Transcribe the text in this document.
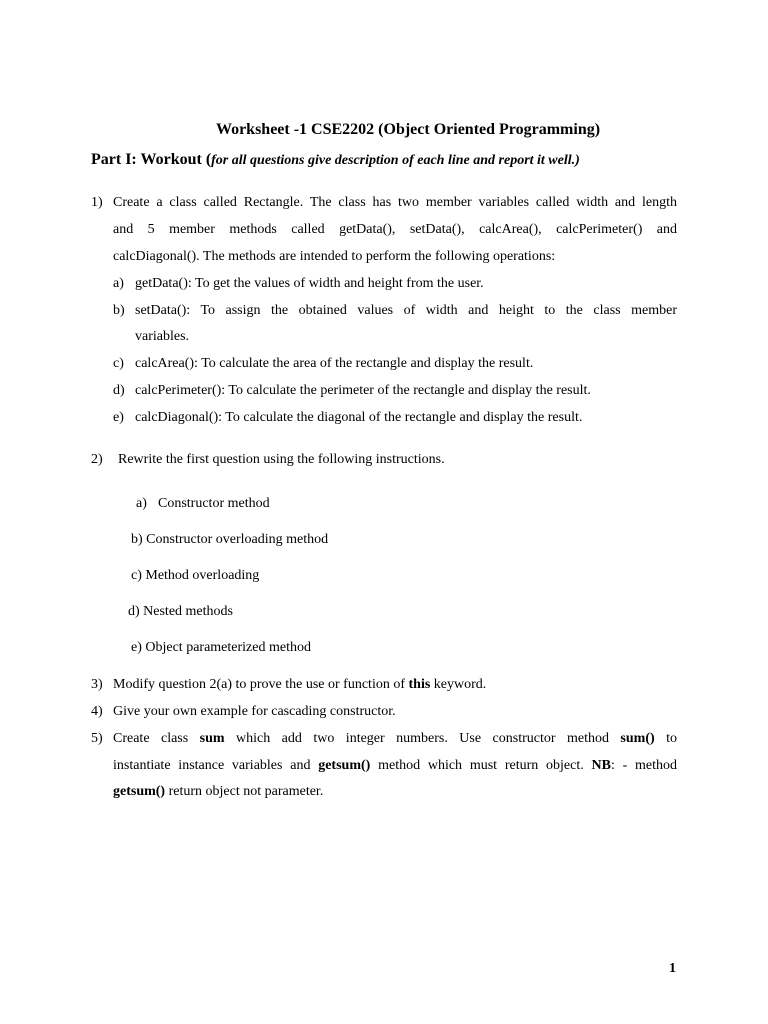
Worksheet -1 CSE2202 (Object Oriented Programming)
Part I: Workout (for all questions give description of each line and report it well.)
1) Create a class called Rectangle. The class has two member variables called width and length
and 5 member methods called getData(), setData(), calcArea(), calcPerimeter() and
calcDiagonal(). The methods are intended to perform the following operations:
a) getData(): To get the values of width and height from the user.
b) setData(): To assign the obtained values of width and height to the class member
variables.
c) calcArea(): To calculate the area of the rectangle and display the result.
d) calcPerimeter(): To calculate the perimeter of the rectangle and display the result.
e) calcDiagonal(): To calculate the diagonal of the rectangle and display the result.
2) Rewrite the first question using the following instructions.
a) Constructor method
b) Constructor overloading method
c) Method overloading
d) Nested methods
e) Object parameterized method
3) Modify question 2(a) to prove the use or function of this keyword.
4) Give your own example for cascading constructor.
5) Create class sum which add two integer numbers. Use constructor method sum() to
instantiate instance variables and getsum() method which must return object. NB: - method
getsum() return object not parameter.
1
